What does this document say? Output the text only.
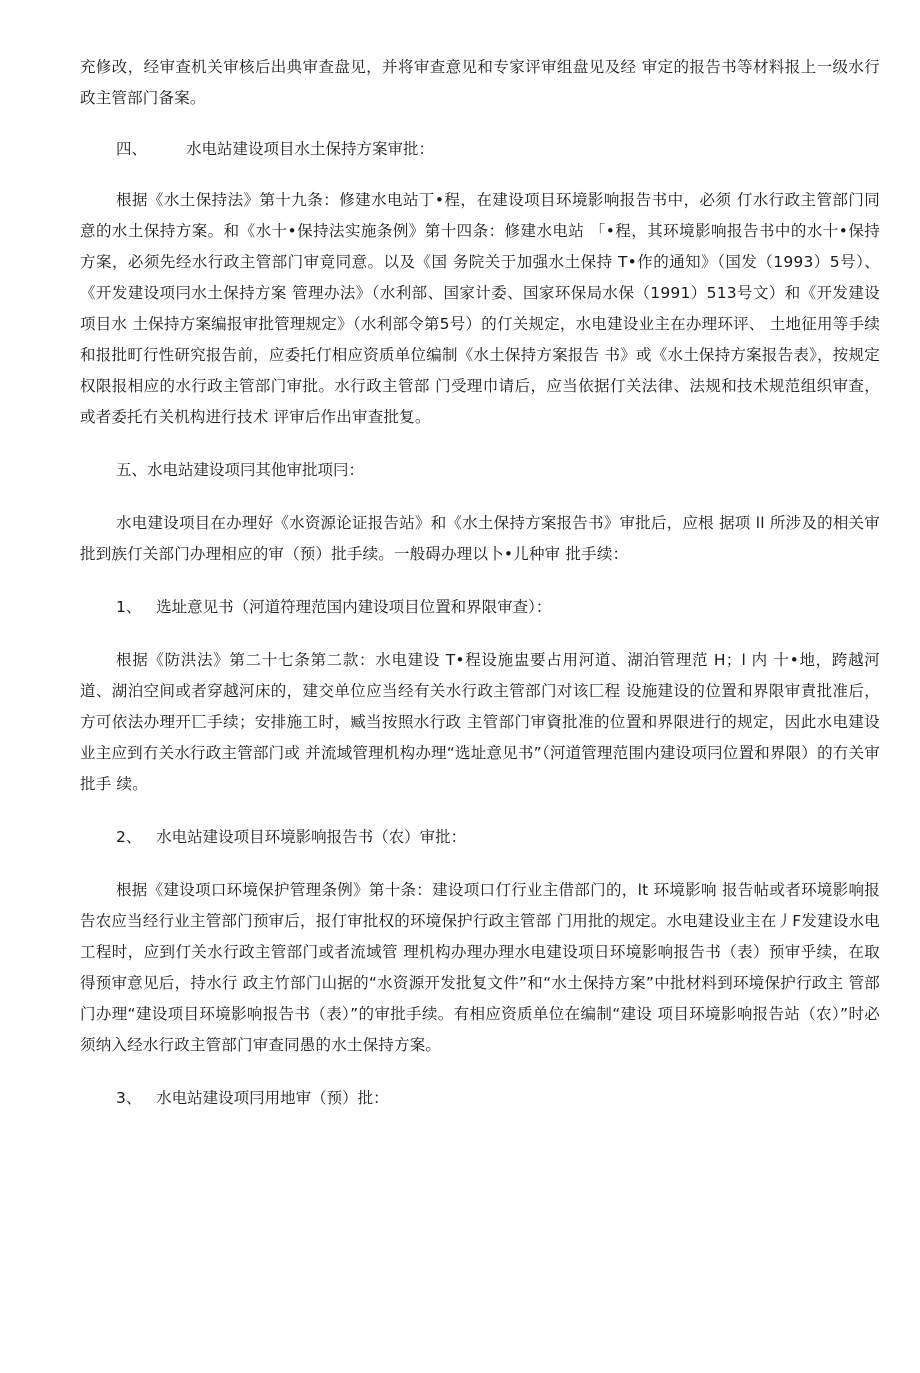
充修改，经审查机关审核后出典审查盘见，并将审查意见和专家评审组盘见及经 审定的报告书等材料报上一级水行政主管部门备案。

四、	水电站建设项目水土保持方案审批：

根据《水土保持法》第十九条：修建水电站丁•程，在建设项目环境影响报告书中，必须 仃水行政主管部门同意的水土保持方案。和《水十•保持法实施条例》第十四条：修建水电站 「•程，其环境影响报告书中的水十•保持方案，必须先经水行政主管部门审竟同意。以及《国 务院关于加强水土保持 T•作的通知》（国发（1993）5号）、《开发建设项冃水土保持方案 管理办法》（水利部、国家计委、国家环保局水保（1991）513号文）和《开发建设项目水 土保持方案编报审批管理规定》（水利部令第5号）的仃关规定，水电建设业主在办理环评、 土地征用等手续和报批町行性研究报告前，应委托仃相应资质单位编制《水土保持方案报告 书》或《水土保持方案报告表》，按规定权限报相应的水行政主管部门审批。水行政主管部 门受理巾请后，应当依据仃关法律、法规和技术规范组织审查，或者委托冇关机构进行技术 评审后作出审查批复。

五、水电站建设项冃其他审批项冃：

水电建设项目在办理好《水资源论证报告站》和《水土保持方案报告书》审批后，应根 据项 ll 所涉及的相关审批到族仃关部门办理相应的审（预）批手续。一般碍办理以卜•儿种审 批手续：

1、 选址意见书（河道符理范国内建设项目位置和界限审查）：

根据《防洪法》第二十七条第二款：水电建设 T•程设施盅要占用河道、湖泊管理范 H；l 内 十•地，跨越河道、湖泊空间或者穿越河床的，建交单位应当经有关水行政主管部门对该匚程 设施建设的位置和界限审責批准后，方可依法办理开匸手续；安排施工时，臧当按照水行政 主管部门审資批准的位置和界限进行的规定，因此水电建设业主应到冇关水行政主管部门或 并流域管理机构办理“选址意见书”（河道管理范围内建设项冃位置和界限）的冇关审批手 续。

2、 水电站建设项目环境影响报告书（农）审批：

根据《建设项口环境保护管理条例》第十条：建设项口仃行业主借部门的，lt 环境影响 报告帖或者环境影响报告农应当经行业主管部门预审后，报仃审批权的环境保护行政主管部 门用批的规定。水电建设业主在丿F发建设水电工程时，应到仃关水行政主管部门或者流域管 理机构办理办理水电建设项日环境影响报告书（表）预审乎续，在取得预审意见后，持水行 政主竹部门山据的“水资源开发批复文件”和“水土保持方案”中批材料到环境保护行政主 管部门办理“建设项目环境影响报告书（表）”的审批手续。有相应资质单位在编制“建设 项目环境影响报告站（农）”时必须纳入经水行政主管部门审查同愚的水土保持方案。

3、 水电站建设项冃用地审（预）批：
